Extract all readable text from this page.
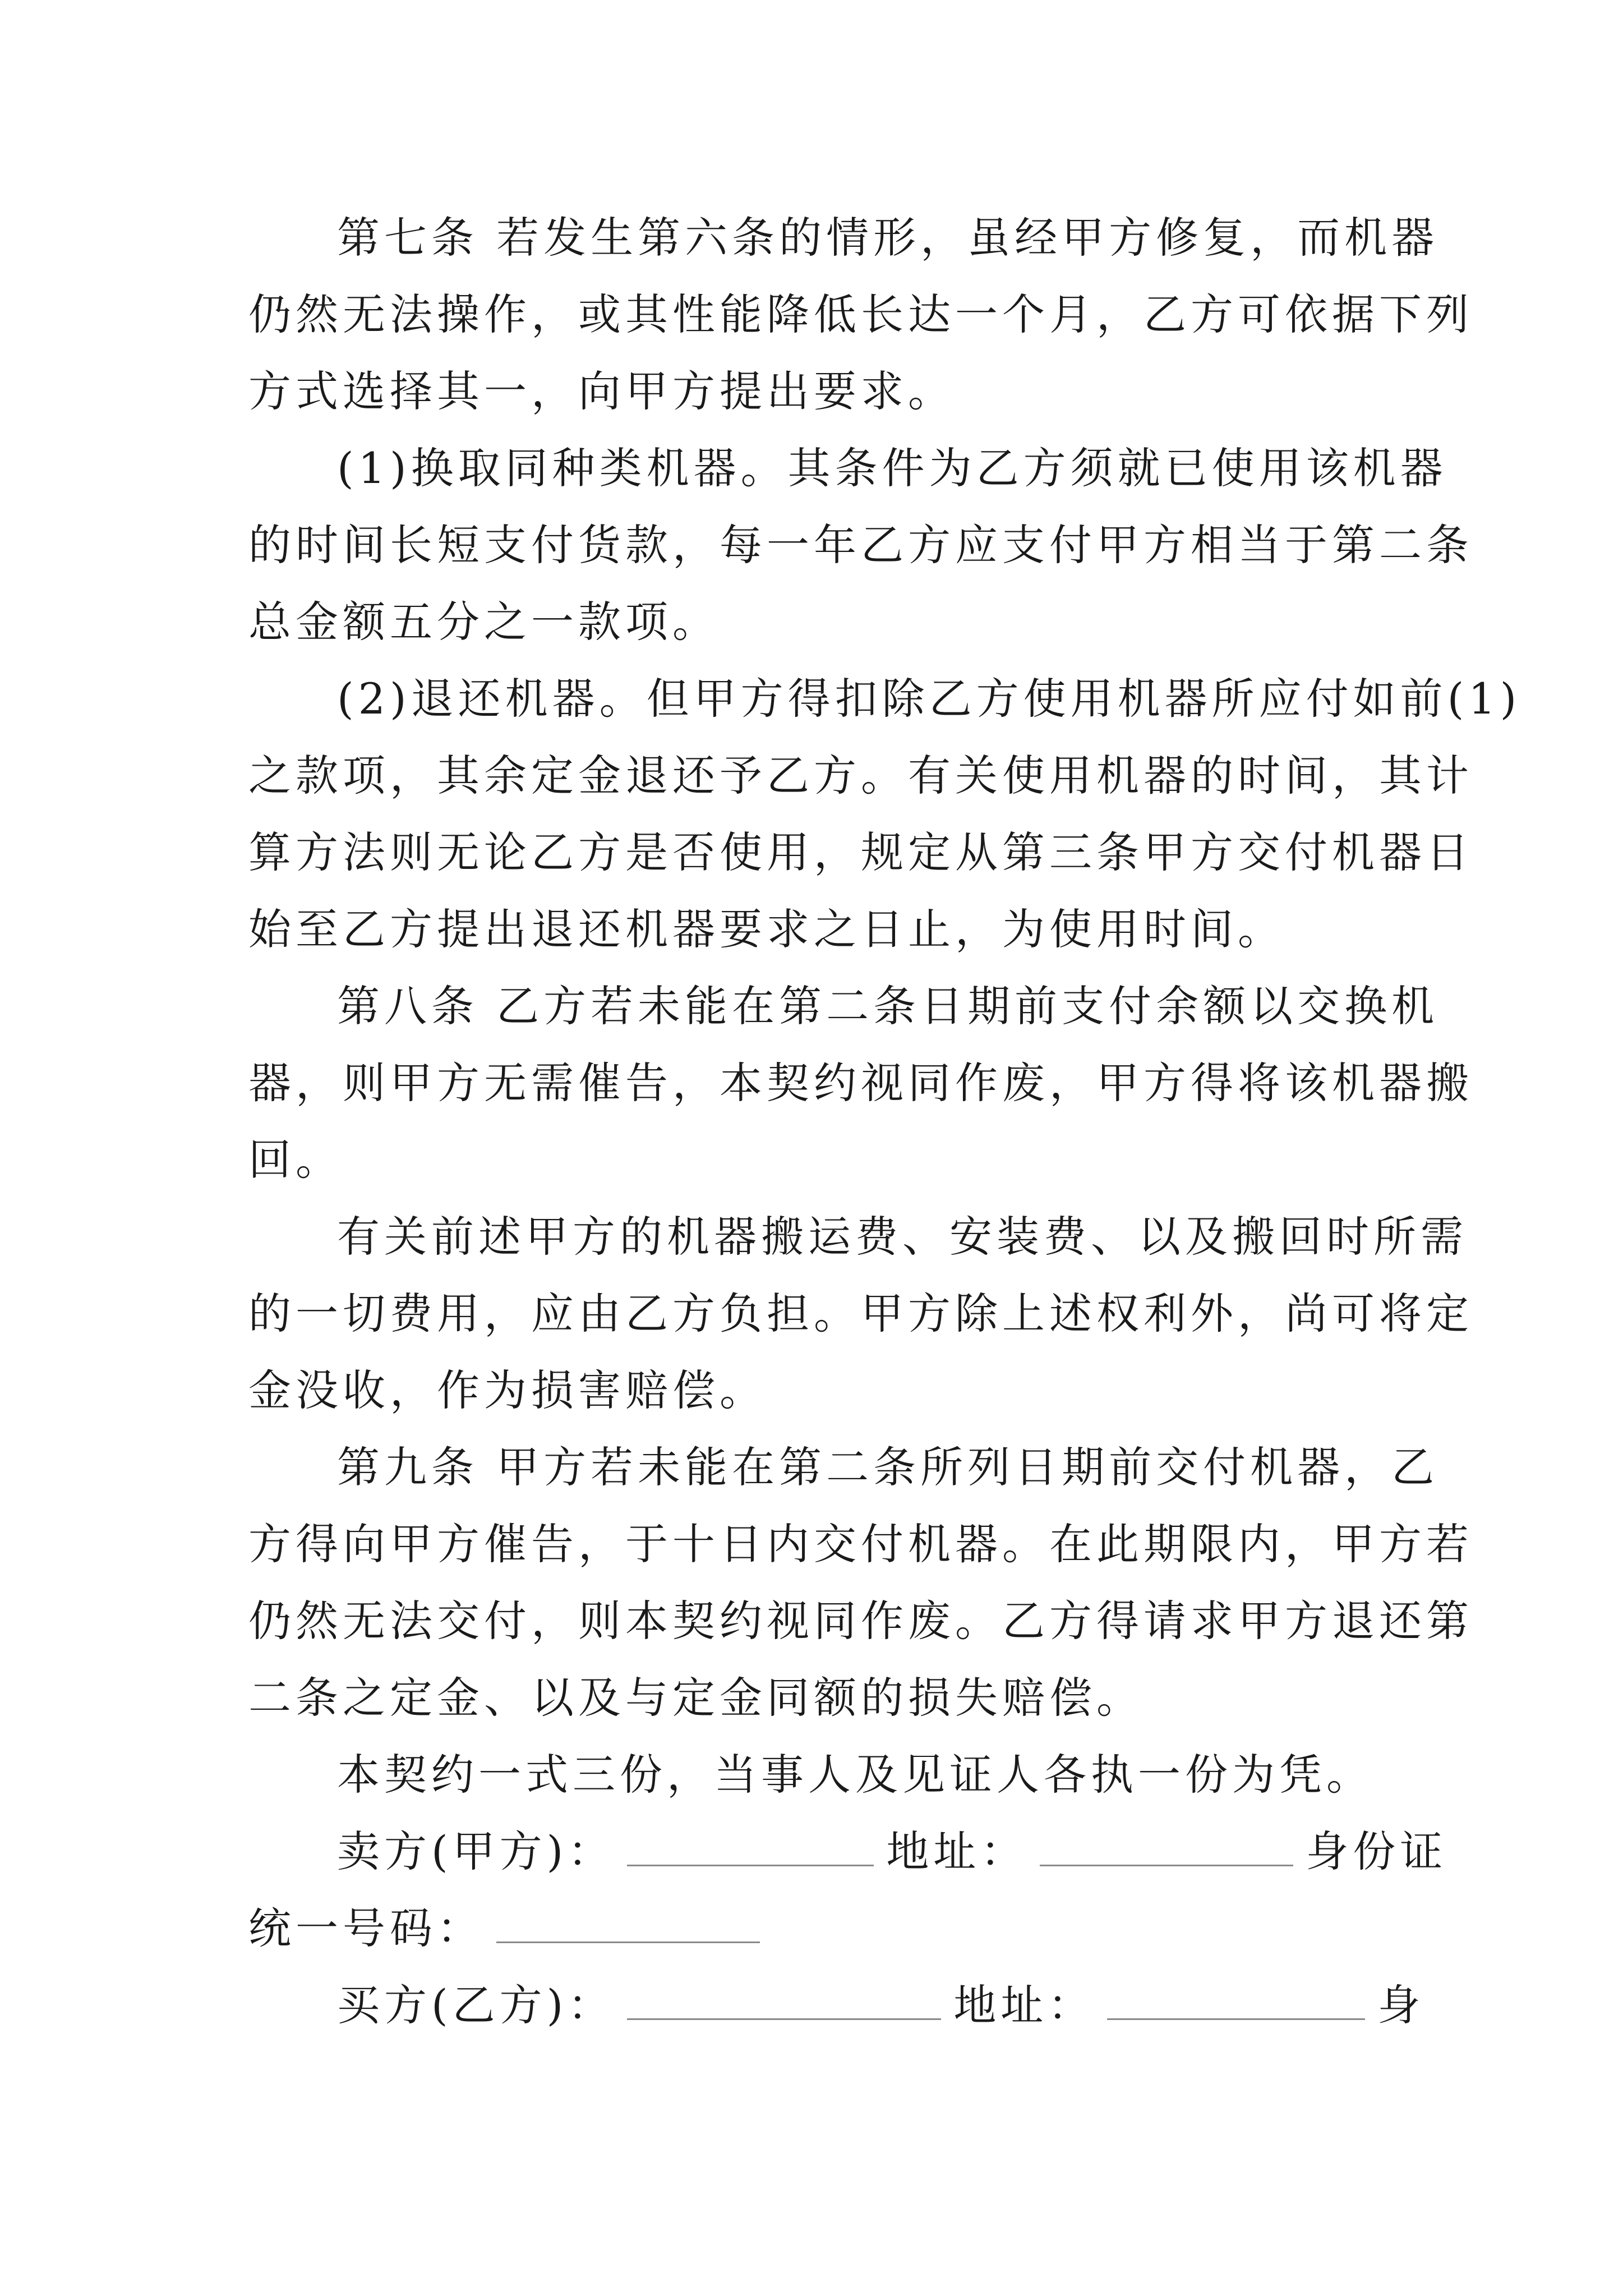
第七条 若发生第六条的情形，虽经甲方修复，而机器
仍然无法操作，或其性能降低长达一个月，乙方可依据下列
方式选择其一，向甲方提出要求。
(1)换取同种类机器。其条件为乙方须就已使用该机器
的时间长短支付货款，每一年乙方应支付甲方相当于第二条
总金额五分之一款项。
(2)退还机器。但甲方得扣除乙方使用机器所应付如前(1)
之款项，其余定金退还予乙方。有关使用机器的时间，其计
算方法则无论乙方是否使用，规定从第三条甲方交付机器日
始至乙方提出退还机器要求之日止，为使用时间。
第八条 乙方若未能在第二条日期前支付余额以交换机
器，则甲方无需催告，本契约视同作废，甲方得将该机器搬
回。
有关前述甲方的机器搬运费、安装费、以及搬回时所需
的一切费用，应由乙方负担。甲方除上述权利外，尚可将定
金没收，作为损害赔偿。
第九条 甲方若未能在第二条所列日期前交付机器，乙
方得向甲方催告，于十日内交付机器。在此期限内，甲方若
仍然无法交付，则本契约视同作废。乙方得请求甲方退还第
二条之定金、以及与定金同额的损失赔偿。
本契约一式三份，当事人及见证人各执一份为凭。
卖方(甲方)：	地址：	身份证
统一号码：
买方(乙方)：	地址：	身
